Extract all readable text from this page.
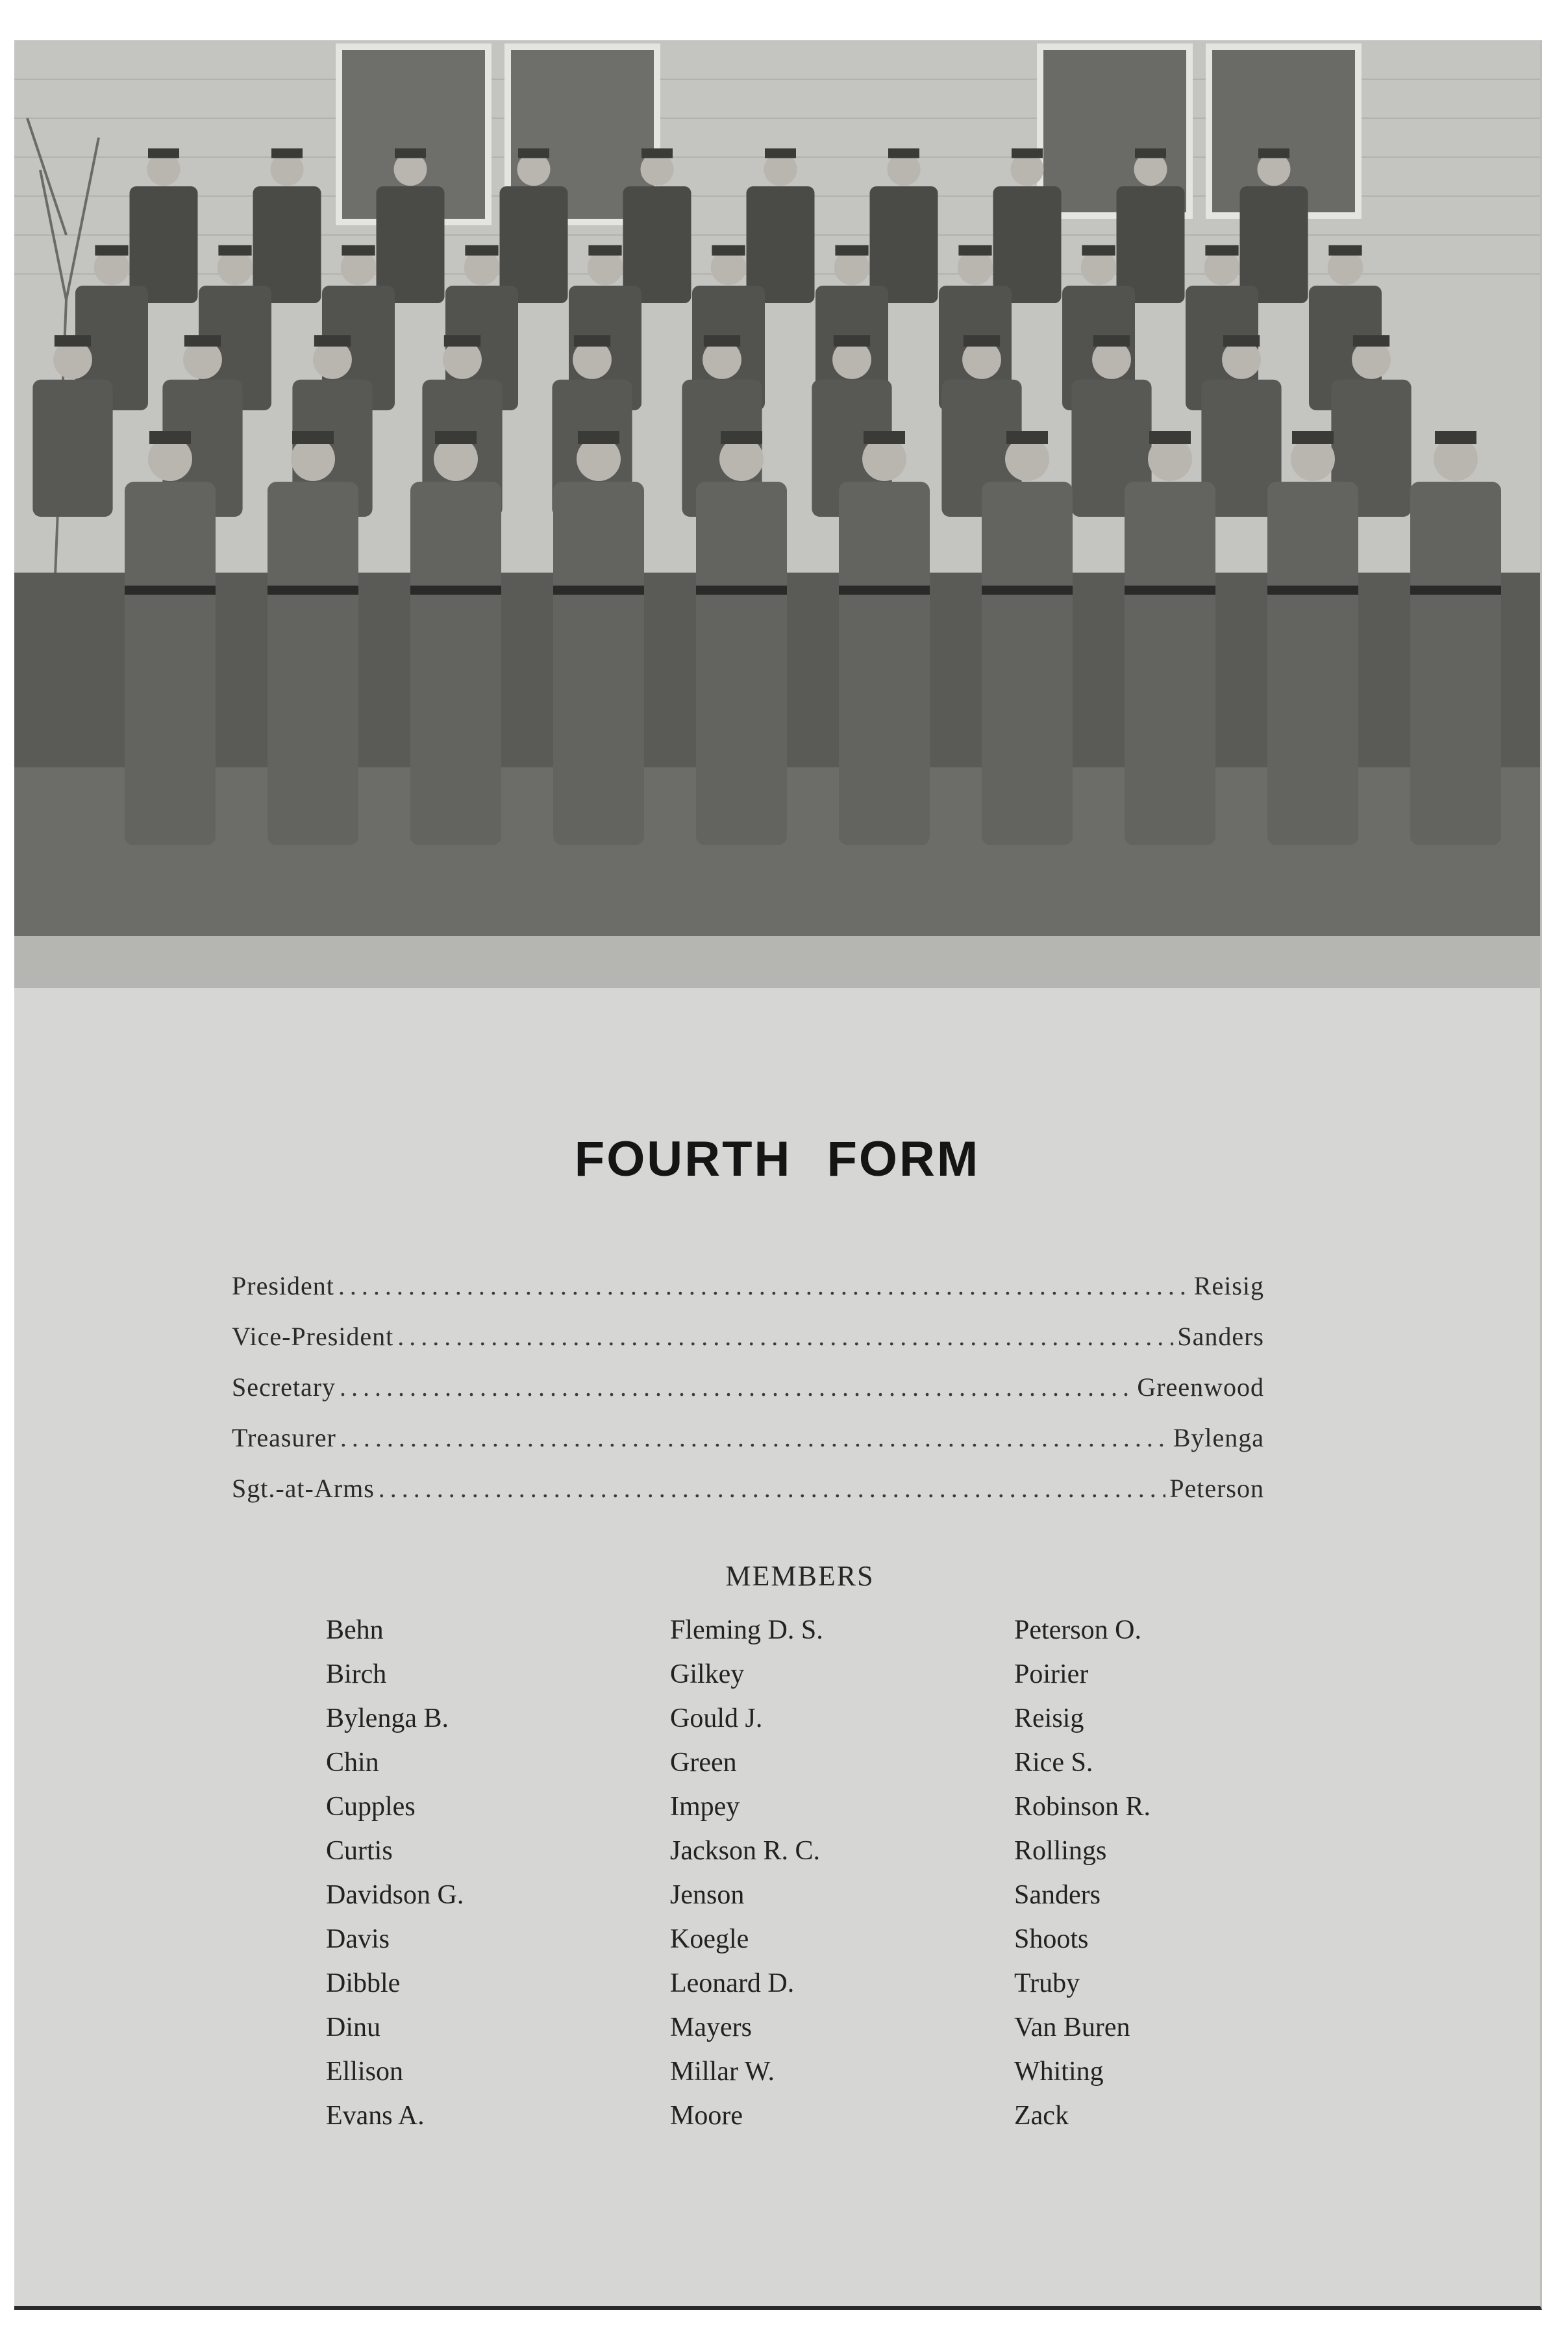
FOURTH FORM
President .....	Reisig
Vice-President .....	Sanders
Secretary .....	Greenwood
Treasurer .....	Bylenga
Sgt.-at-Arms .....	Peterson
MEMBERS
Behn
Birch
Bylenga B.
Chin
Cupples
Curtis
Davidson G.
Davis
Dibble
Dinu
Ellison
Evans A.
Fleming D. S.
Gilkey
Gould J.
Green
Impey
Jackson R. C.
Jenson
Koegle
Leonard D.
Mayers
Millar W.
Moore
Peterson O.
Poirier
Reisig
Rice S.
Robinson R.
Rollings
Sanders
Shoots
Truby
Van Buren
Whiting
Zack
